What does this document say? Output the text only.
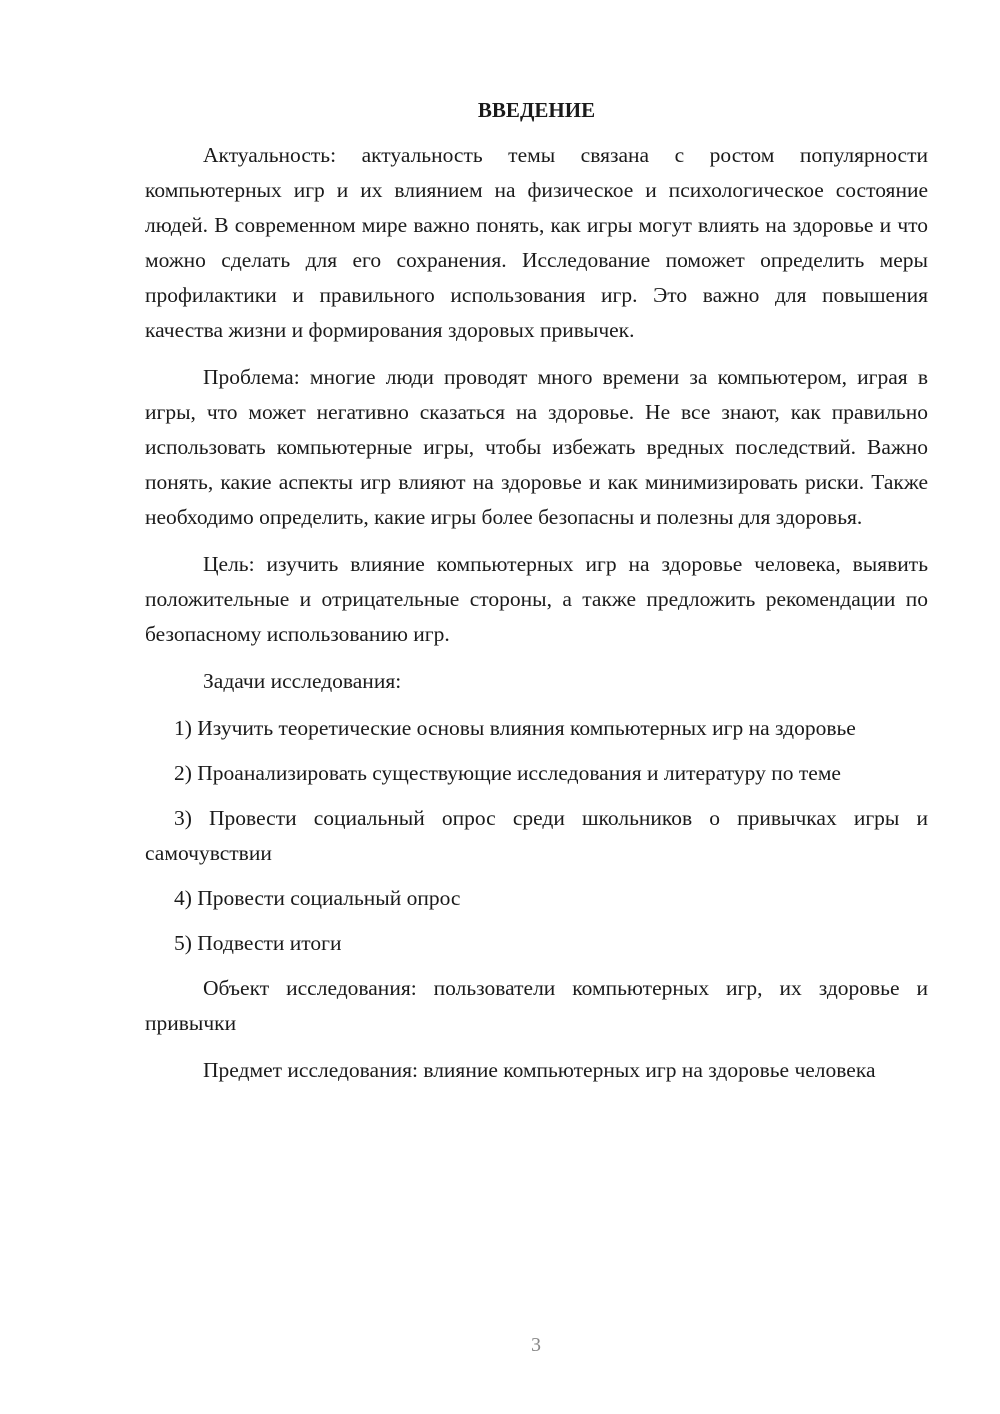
ВВЕДЕНИЕ

Актуальность: актуальность темы связана с ростом популярности компьютерных игр и их влиянием на физическое и психологическое состояние людей. В современном мире важно понять, как игры могут влиять на здоровье и что можно сделать для его сохранения. Исследование поможет определить меры профилактики и правильного использования игр. Это важно для повышения качества жизни и формирования здоровых привычек.

Проблема: многие люди проводят много времени за компьютером, играя в игры, что может негативно сказаться на здоровье. Не все знают, как правильно использовать компьютерные игры, чтобы избежать вредных последствий. Важно понять, какие аспекты игр влияют на здоровье и как минимизировать риски. Также необходимо определить, какие игры более безопасны и полезны для здоровья.

Цель: изучить влияние компьютерных игр на здоровье человека, выявить положительные и отрицательные стороны, а также предложить рекомендации по безопасному использованию игр.

Задачи исследования:

1) Изучить теоретические основы влияния компьютерных игр на здоровье

2) Проанализировать существующие исследования и литературу по теме

3) Провести социальный опрос среди школьников о привычках игры и самочувствии

4) Провести социальный опрос

5) Подвести итоги

Объект исследования: пользователи компьютерных игр, их здоровье и привычки

Предмет исследования: влияние компьютерных игр на здоровье человека

3
